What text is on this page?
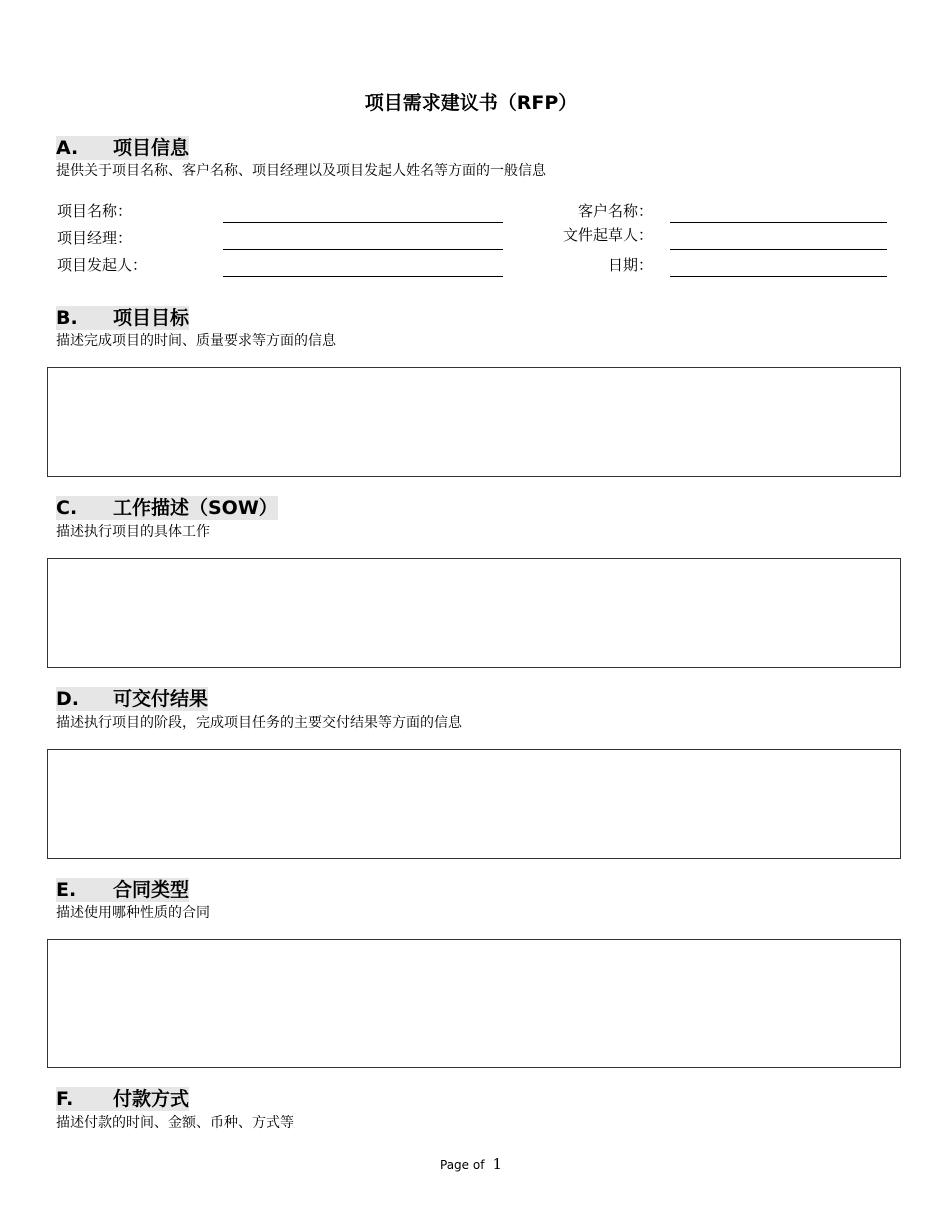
项目需求建议书（RFP）
A. 项目信息
提供关于项目名称、客户名称、项目经理以及项目发起人姓名等方面的一般信息
项目名称：
项目经理：
项目发起人：
客户名称：
文件起草人：
日期：
B. 项目目标
描述完成项目的时间、质量要求等方面的信息
C. 工作描述（SOW）
描述执行项目的具体工作
D. 可交付结果
描述执行项目的阶段，完成项目任务的主要交付结果等方面的信息
E. 合同类型
描述使用哪种性质的合同
F. 付款方式
描述付款的时间、金额、币种、方式等
Page of 1
